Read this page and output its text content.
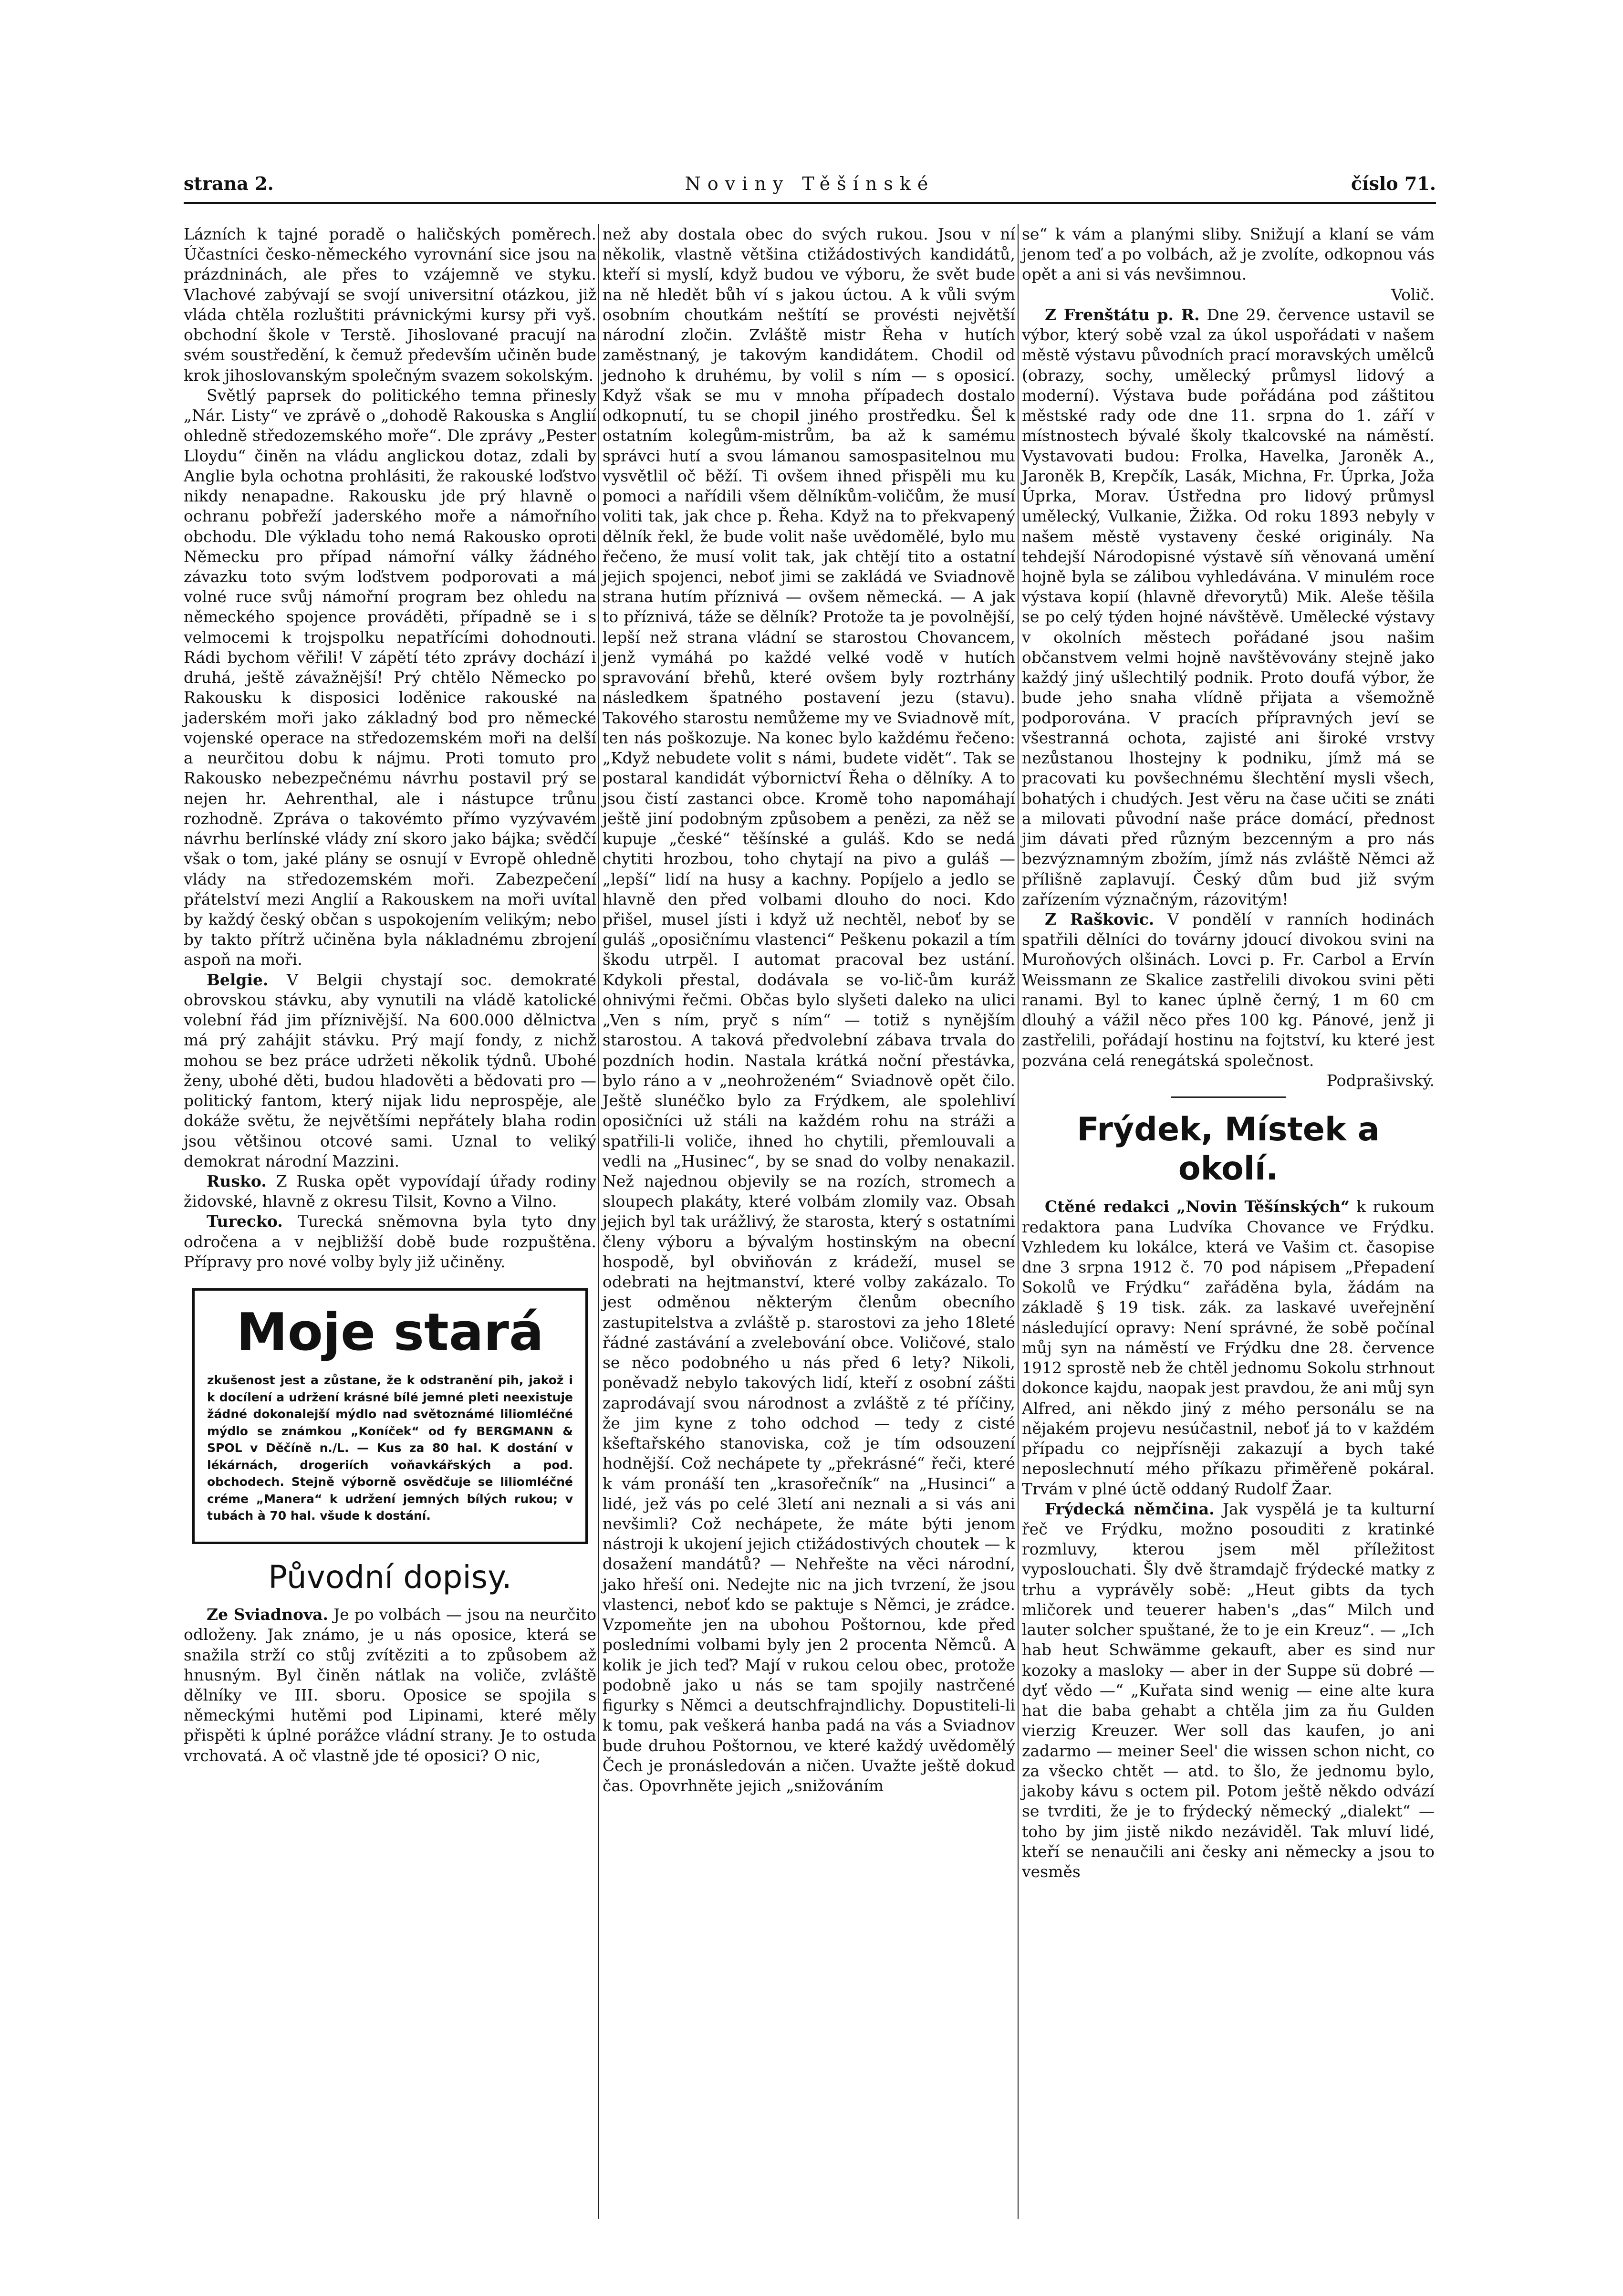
Noviny Těšínské
strana 2.	číslo 71.

Lázních k tajné poradě o haličských poměrech. Účastníci česko-německého vyrovnání sice jsou na prázdninách, ale přes to vzájemně ve styku. Vlachové zabývají se svojí universitní otázkou, již vláda chtěla rozluštiti právnickými kursy při vyš. obchodní škole v Terstě. Jihoslované pracují na svém soustředění, k čemuž především učiněn bude krok jihoslovanským společným svazem sokolským.

Světlý paprsek do politického temna přinesly „Nár. Listy“ ve zprávě o „dohodě Rakouska s Anglií ohledně středozemského moře“. Dle zprávy „Pester Lloydu“ činěn na vládu anglickou dotaz, zdali by Anglie byla ochotna prohlásiti, že rakouské loďstvo nikdy nenapadne. Rakousku jde prý hlavně o ochranu pobřeží jaderského moře a námořního obchodu. Dle výkladu toho nemá Rakousko oproti Německu pro případ námořní války žádného závazku toto svým loďstvem podporovati a má volné ruce svůj námořní program bez ohledu na německého spojence prováděti, případně se i s velmocemi k trojspolku nepatřícími dohodnouti. Rádi bychom věřili! V zápětí této zprávy dochází i druhá, ještě závažnější! Prý chtělo Německo po Rakousku k disposici loděnice rakouské na jaderském moři jako základný bod pro německé vojenské operace na středozemském moři na delší a neurčitou dobu k nájmu. Proti tomuto pro Rakousko nebezpečnému návrhu postavil prý se nejen hr. Aehrenthal, ale i nástupce trůnu rozhodně. Zpráva o takovémto přímo vyzývavém návrhu berlínské vlády zní skoro jako bájka; svědčí však o tom, jaké plány se osnují v Evropě ohledně vlády na středozemském moři. Zabezpečení přátelství mezi Anglií a Rakouskem na moři uvítal by každý český občan s uspokojením velikým; nebo by takto přítrž učiněna byla nákladnému zbrojení aspoň na moři.

Belgie. V Belgii chystají soc. demokraté obrovskou stávku, aby vynutili na vládě katolické volební řád jim příznivější. Na 600.000 dělnictva má prý zahájit stávku. Prý mají fondy, z nichž mohou se bez práce udržeti několik týdnů. Ubohé ženy, ubohé děti, budou hladověti a bědovati pro — politický fantom, který nijak lidu neprospěje, ale dokáže světu, že největšími nepřátely blaha rodin jsou většinou otcové sami. Uznal to veliký demokrat národní Mazzini.

Rusko. Z Ruska opět vypovídají úřady rodiny židovské, hlavně z okresu Tilsit, Kovno a Vilno.

Turecko. Turecká sněmovna byla tyto dny odročena a v nejbližší době bude rozpuštěna. Přípravy pro nové volby byly již učiněny.

Moje stará
zkušenost jest a zůstane, že k odstranění pih, jakož i k docílení a udržení krásné bílé jemné pleti neexistuje žádné dokonalejší mýdlo nad světoznámé liliomléčné mýdlo se známkou „Koníček“ od fy BERGMANN & SPOL v Děčíně n./L. — Kus za 80 hal. K dostání v lékárnách, drogeriích voňavkářských a pod. obchodech. Stejně výborně osvědčuje se liliomléčné créme „Manera“ k udržení jemných bílých rukou; v tubách à 70 hal. všude k dostání.
Původní dopisy.

Ze Sviadnova. Je po volbách — jsou na neurčito odloženy. Jak známo, je u nás oposice, která se snažila strží co stůj zvítěziti a to způsobem až hnusným. Byl činěn nátlak na voliče, zvláště dělníky ve III. sboru. Oposice se spojila s německými hutěmi pod Lipinami, které měly přispěti k úplné porážce vládní strany. Je to ostuda vrchovatá. A oč vlastně jde té oposici? O nic,

než aby dostala obec do svých rukou. Jsou v ní několik, vlastně většina ctižádostivých kandidátů, kteří si myslí, když budou ve výboru, že svět bude na ně hledět bůh ví s jakou úctou. A k vůli svým osobním choutkám neštítí se provésti největší národní zločin. Zvláště mistr Řeha v hutích zaměstnaný, je takovým kandidátem. Chodil od jednoho k druhému, by volil s ním — s oposicí. Když však se mu v mnoha případech dostalo odkopnutí, tu se chopil jiného prostředku. Šel k ostatním kolegům-mistrům, ba až k samému správci hutí a svou lámanou samospasitelnou mu vysvětlil oč běží. Ti ovšem ihned přispěli mu ku pomoci a nařídili všem dělníkům-voličům, že musí voliti tak, jak chce p. Řeha. Když na to překvapený dělník řekl, že bude volit naše uvědomělé, bylo mu řečeno, že musí volit tak, jak chtějí tito a ostatní jejich spojenci, neboť jimi se zakládá ve Sviadnově strana hutím příznivá — ovšem německá. — A jak to příznivá, táže se dělník? Protože ta je povolnější, lepší než strana vládní se starostou Chovancem, jenž vymáhá po každé velké vodě v hutích spravování břehů, které ovšem byly roztrhány následkem špatného postavení jezu (stavu). Takového starostu nemůžeme my ve Sviadnově mít, ten nás poškozuje. Na konec bylo každému řečeno: „Když nebudete volit s námi, budete vidět“. Tak se postaral kandidát výbornictví Řeha o dělníky. A to jsou čistí zastanci obce. Kromě toho napomáhají ještě jiní podobným způsobem a penězi, za něž se kupuje „české“ těšínské a guláš. Kdo se nedá chytiti hrozbou, toho chytají na pivo a guláš — „lepší“ lidí na husy a kachny. Popíjelo a jedlo se hlavně den před volbami dlouho do noci. Kdo přišel, musel jísti i když už nechtěl, neboť by se guláš „oposičnímu vlastenci“ Peškenu pokazil a tím škodu utrpěl. I automat pracoval bez ustání. Kdykoli přestal, dodávala se vo-lič-ům kuráž ohnivými řečmi. Občas bylo slyšeti daleko na ulici „Ven s ním, pryč s ním“ — totiž s nynějším starostou. A taková předvolební zábava trvala do pozdních hodin. Nastala krátká noční přestávka, bylo ráno a v „neohroženém“ Sviadnově opět čilo. Ještě slunéčko bylo za Frýdkem, ale spolehliví oposičníci už stáli na každém rohu na stráži a spatřili-li voliče, ihned ho chytili, přemlouvali a vedli na „Husinec“, by se snad do volby nenakazil. Než najednou objevily se na rozích, stromech a sloupech plakáty, které volbám zlomily vaz. Obsah jejich byl tak urážlivý, že starosta, který s ostatními členy výboru a bývalým hostinským na obecní hospodě, byl obviňován z krádeží, musel se odebrati na hejtmanství, které volby zakázalo. To jest odměnou některým členům obecního zastupitelstva a zvláště p. starostovi za jeho 18leté řádné zastávání a zvelebování obce. Voličové, stalo se něco podobného u nás před 6 lety? Nikoli, poněvadž nebylo takových lidí, kteří z osobní zášti zaprodávají svou národnost a zvláště z té příčiny, že jim kyne z toho odchod — tedy z cisté kšeftařského stanoviska, což je tím odsouzení hodnější. Což nechápete ty „překrásné“ řeči, které k vám pronáší ten „krasořečník“ na „Husinci“ a lidé, jež vás po celé 3letí ani neznali a si vás ani nevšimli? Což nechápete, že máte býti jenom nástroji k ukojení jejich ctižádostivých choutek — k dosažení mandátů? — Nehřešte na věci národní, jako hřeší oni. Nedejte nic na jich tvrzení, že jsou vlastenci, neboť kdo se paktuje s Němci, je zrádce. Vzpomeňte jen na ubohou Poštornou, kde před posledními volbami byly jen 2 procenta Němců. A kolik je jich teď? Mají v rukou celou obec, protože podobně jako u nás se tam spojily nastrčené figurky s Němci a deutschfrajndlichy. Dopustiteli-li k tomu, pak veškerá hanba padá na vás a Sviadnov bude druhou Poštornou, ve které každý uvědomělý Čech je pronásledován a ničen. Uvažte ještě dokud čas. Opovrhněte jejich „snižováním

se“ k vám a planými sliby. Snižují a klaní se vám jenom teď a po volbách, až je zvolíte, odkopnou vás opět a ani si vás nevšimnou.

Volič.

Z Frenštátu p. R. Dne 29. července ustavil se výbor, který sobě vzal za úkol uspořádati v našem městě výstavu původních prací moravských umělců (obrazy, sochy, umělecký průmysl lidový a moderní). Výstava bude pořádána pod záštitou městské rady ode dne 11. srpna do 1. září v místnostech bývalé školy tkalcovské na náměstí. Vystavovati budou: Frolka, Havelka, Jaroněk A., Jaroněk B, Krepčík, Lasák, Michna, Fr. Úprka, Joža Úprka, Morav. Ústředna pro lidový průmysl umělecký, Vulkanie, Žižka. Od roku 1893 nebyly v našem městě vystaveny české originály. Na tehdejší Národopisné výstavě síň věnovaná umění hojně byla se zálibou vyhledávána. V minulém roce výstava kopií (hlavně dřevorytů) Mik. Aleše těšila se po celý týden hojné návštěvě. Umělecké výstavy v okolních městech pořádané jsou našim občanstvem velmi hojně navštěvovány stejně jako každý jiný ušlechtilý podnik. Proto doufá výbor, že bude jeho snaha vlídně přijata a všemožně podporována. V pracích přípravných jeví se všestranná ochota, zajisté ani široké vrstvy nezůstanou lhostejny k podniku, jímž má se pracovati ku povšechnému šlechtění mysli všech, bohatých i chudých. Jest věru na čase učiti se znáti a milovati původní naše práce domácí, přednost jim dávati před různým bezcenným a pro nás bezvýznamným zbožím, jímž nás zvláště Němci až přílišně zaplavují. Český dům bud již svým zařízením význačným, rázovitým!

Z Raškovic. V pondělí v ranních hodinách spatřili dělníci do továrny jdoucí divokou svini na Muroňových olšinách. Lovci p. Fr. Carbol a Ervín Weissmann ze Skalice zastřelili divokou svini pěti ranami. Byl to kanec úplně černý, 1 m 60 cm dlouhý a vážil něco přes 100 kg. Pánové, jenž ji zastřelili, pořádají hostinu na fojtství, ku které jest pozvána celá renegátská společnost.

Podprašivský.

Frýdek, Místek a okolí.

Ctěné redakci „Novin Těšínských“ k rukoum redaktora pana Ludvíka Chovance ve Frýdku. Vzhledem ku lokálce, která ve Vašim ct. časopise dne 3 srpna 1912 č. 70 pod nápisem „Přepadení Sokolů ve Frýdku“ zařáděna byla, žádám na základě § 19 tisk. zák. za laskavé uveřejnění následující opravy: Není správné, že sobě počínal můj syn na náměstí ve Frýdku dne 28. července 1912 sprostě neb že chtěl jednomu Sokolu strhnout dokonce kajdu, naopak jest pravdou, že ani můj syn Alfred, ani někdo jiný z mého personálu se na nějakém projevu nesúčastnil, neboť já to v každém případu co nejpřísněji zakazují a bych také neposlechnutí mého příkazu přiměřeně pokáral. Trvám v plné úctě oddaný Rudolf Žaar.

Frýdecká němčina. Jak vyspělá je ta kulturní řeč ve Frýdku, možno posouditi z kratinké rozmluvy, kterou jsem měl příležitost vyposlouchati. Šly dvě štramdajč frýdecké matky z trhu a vyprávěly sobě: „Heut gibts da tych mličorek und teuerer haben's „das“ Milch und lauter solcher spuštané, že to je ein Kreuz“. — „Ich hab heut Schwämme gekauft, aber es sind nur kozoky a masloky — aber in der Suppe sü dobré — dyť vědo —“ „Kuřata sind wenig — eine alte kura hat die baba gehabt a chtěla jim za ňu Gulden vierzig Kreuzer. Wer soll das kaufen, jo ani zadarmo — meiner Seel' die wissen schon nicht, co za všecko chtět — atd. to šlo, že jednomu bylo, jakoby kávu s octem pil. Potom ještě někdo odvází se tvrditi, že je to frýdecký německý „dialekt“ — toho by jim jistě nikdo nezáviděl. Tak mluví lidé, kteří se nenaučili ani česky ani německy a jsou to vesměs
